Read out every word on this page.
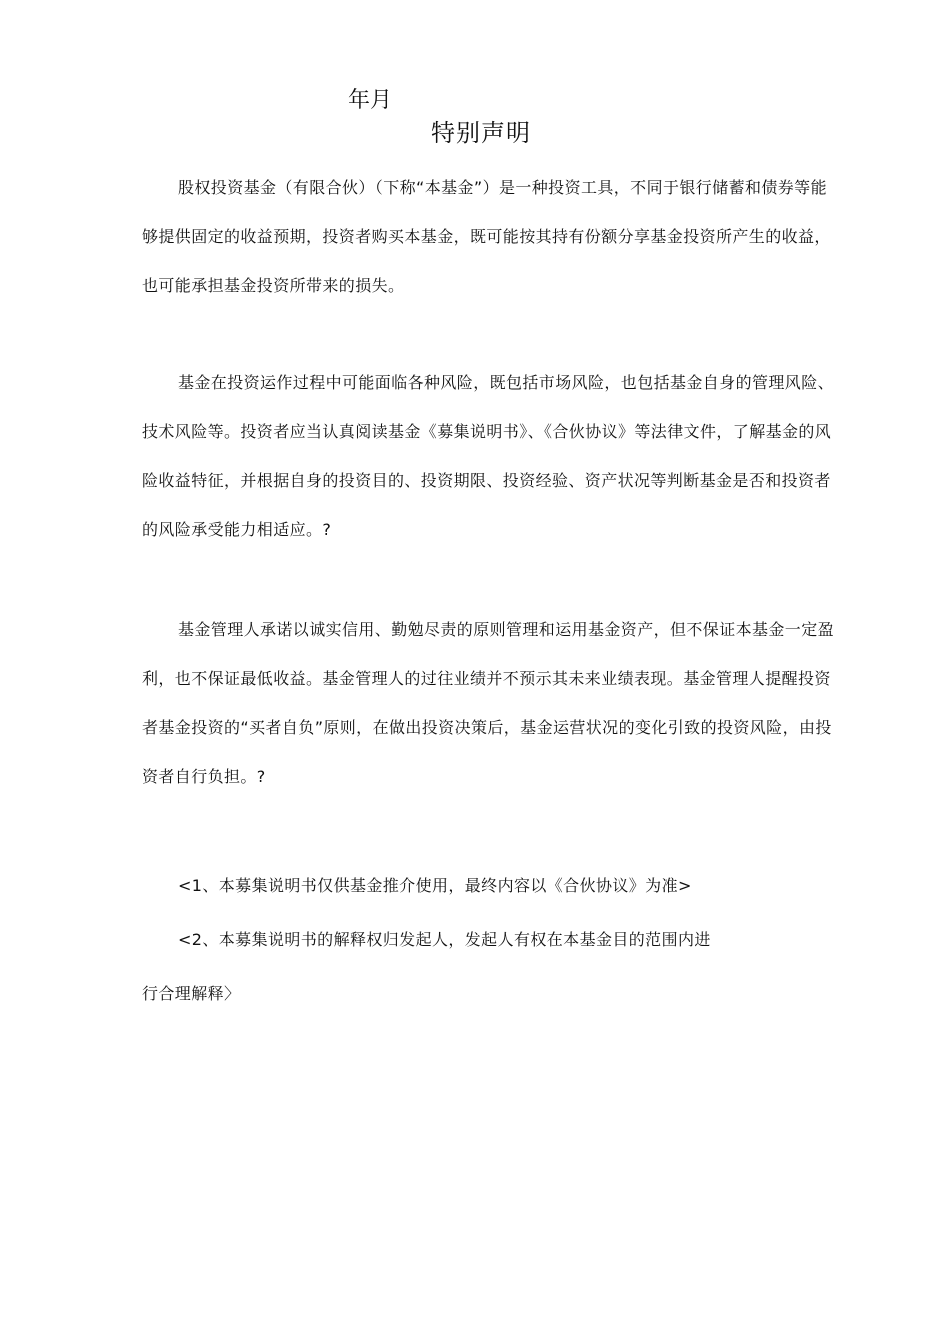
年月
特别声明

股权投资基金（有限合伙）（下称“本基金”）是一种投资工具，不同于银行储蓄和债券等能够提供固定的收益预期，投资者购买本基金，既可能按其持有份额分享基金投资所产生的收益，也可能承担基金投资所带来的损失。

基金在投资运作过程中可能面临各种风险，既包括市场风险，也包括基金自身的管理风险、技术风险等。投资者应当认真阅读基金《募集说明书》、《合伙协议》等法律文件，了解基金的风险收益特征，并根据自身的投资目的、投资期限、投资经验、资产状况等判断基金是否和投资者的风险承受能力相适应。?

基金管理人承诺以诚实信用、勤勉尽责的原则管理和运用基金资产，但不保证本基金一定盈利，也不保证最低收益。基金管理人的过往业绩并不预示其未来业绩表现。基金管理人提醒投资者基金投资的“买者自负”原则，在做出投资决策后，基金运营状况的变化引致的投资风险，由投资者自行负担。?

<1、本募集说明书仅供基金推介使用，最终内容以《合伙协议》为准>

<2、本募集说明书的解释权归发起人，发起人有权在本基金目的范围内进

行合理解释〉
